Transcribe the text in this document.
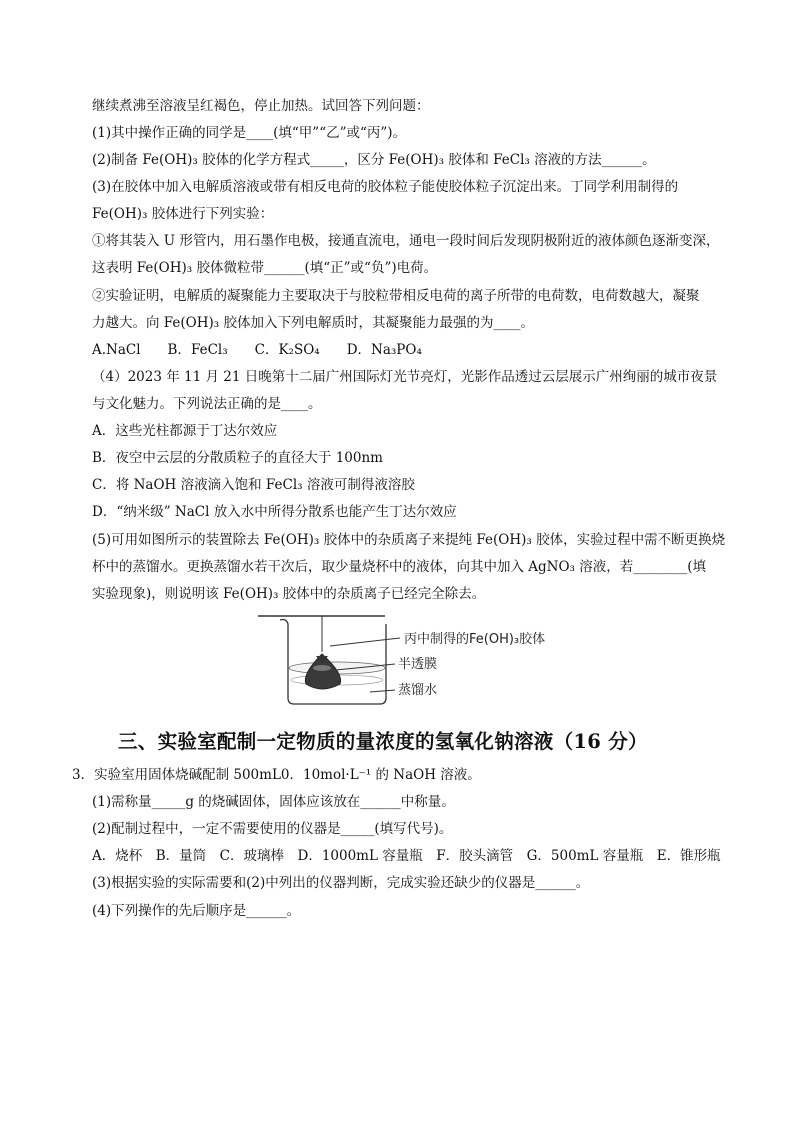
继续煮沸至溶液呈红褐色，停止加热。试回答下列问题：
(1)其中操作正确的同学是____(填“甲”“乙”或“丙”)。
(2)制备 Fe(OH)₃ 胶体的化学方程式_____，区分 Fe(OH)₃ 胶体和 FeCl₃ 溶液的方法______。
(3)在胶体中加入电解质溶液或带有相反电荷的胶体粒子能使胶体粒子沉淀出来。丁同学利用制得的
Fe(OH)₃ 胶体进行下列实验：
①将其装入 U 形管内，用石墨作电极，接通直流电，通电一段时间后发现阴极附近的液体颜色逐渐变深，
这表明 Fe(OH)₃ 胶体微粒带______(填“正”或“负”)电荷。
②实验证明，电解质的凝聚能力主要取决于与胶粒带相反电荷的离子所带的电荷数，电荷数越大，凝聚
力越大。向 Fe(OH)₃ 胶体加入下列电解质时，其凝聚能力最强的为____。
A.NaCl　　B．FeCl₃　　C．K₂SO₄　　D．Na₃PO₄
（4）2023 年 11 月 21 日晚第十二届广州国际灯光节亮灯，光影作品透过云层展示广州绚丽的城市夜景
与文化魅力。下列说法正确的是____。
A．这些光柱都源于丁达尔效应
B．夜空中云层的分散质粒子的直径大于 100nm
C．将 NaOH 溶液滴入饱和 FeCl₃ 溶液可制得液溶胶
D．“纳米级” NaCl 放入水中所得分散系也能产生丁达尔效应
(5)可用如图所示的装置除去 Fe(OH)₃ 胶体中的杂质离子来提纯 Fe(OH)₃ 胶体，实验过程中需不断更换烧
杯中的蒸馏水。更换蒸馏水若干次后，取少量烧杯中的液体，向其中加入 AgNO₃ 溶液，若________(填
实验现象)，则说明该 Fe(OH)₃ 胶体中的杂质离子已经完全除去。
丙中制得的Fe(OH)₃胶体
半透膜
蒸馏水
三、实验室配制一定物质的量浓度的氢氧化钠溶液（16 分）
3．实验室用固体烧碱配制 500mL0．10mol·L⁻¹ 的 NaOH 溶液。
(1)需称量_____g 的烧碱固体，固体应该放在______中称量。
(2)配制过程中，一定不需要使用的仪器是_____(填写代号)。
A．烧杯　B．量筒　C．玻璃棒　D．1000mL 容量瓶　F．胶头滴管　G．500mL 容量瓶　E．锥形瓶
(3)根据实验的实际需要和(2)中列出的仪器判断，完成实验还缺少的仪器是______。
(4)下列操作的先后顺序是______。
